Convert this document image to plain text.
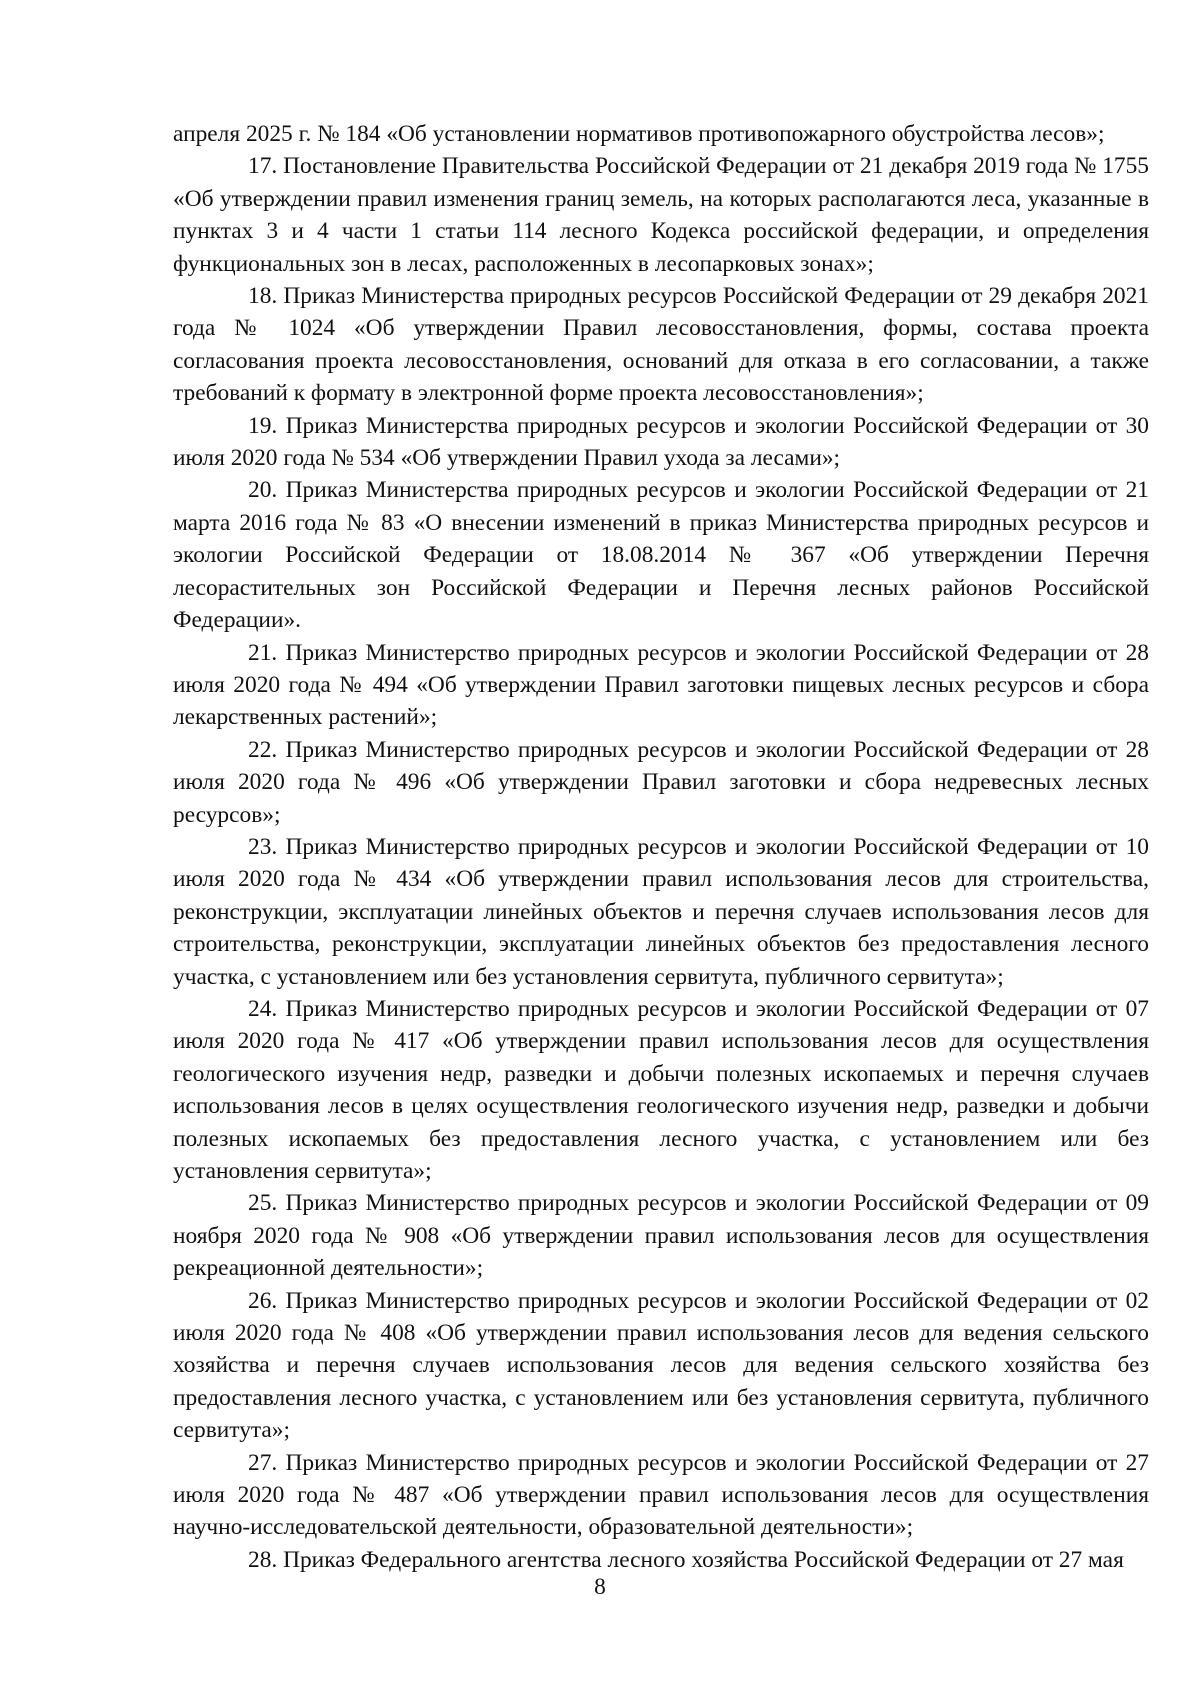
апреля 2025 г. № 184 «Об установлении нормативов противопожарного обустройства лесов»;

17. Постановление Правительства Российской Федерации от 21 декабря 2019 года № 1755 «Об утверждении правил изменения границ земель, на которых располагаются леса, указанные в пунктах 3 и 4 части 1 статьи 114 лесного Кодекса российской федерации, и определения функциональных зон в лесах, расположенных в лесопарковых зонах»;

18. Приказ Министерства природных ресурсов Российской Федерации от 29 декабря 2021 года № 1024 «Об утверждении Правил лесовосстановления, формы, состава проекта согласования проекта лесовосстановления, оснований для отказа в его согласовании, а также требований к формату в электронной форме проекта лесовосстановления»;

19. Приказ Министерства природных ресурсов и экологии Российской Федерации от 30 июля 2020 года № 534 «Об утверждении Правил ухода за лесами»;

20. Приказ Министерства природных ресурсов и экологии Российской Федерации от 21 марта 2016 года № 83 «О внесении изменений в приказ Министерства природных ресурсов и экологии Российской Федерации от 18.08.2014 № 367 «Об утверждении Перечня лесорастительных зон Российской Федерации и Перечня лесных районов Российской Федерации».

21. Приказ Министерство природных ресурсов и экологии Российской Федерации от 28 июля 2020 года № 494 «Об утверждении Правил заготовки пищевых лесных ресурсов и сбора лекарственных растений»;

22. Приказ Министерство природных ресурсов и экологии Российской Федерации от 28 июля 2020 года № 496 «Об утверждении Правил заготовки и сбора недревесных лесных ресурсов»;

23. Приказ Министерство природных ресурсов и экологии Российской Федерации от 10 июля 2020 года № 434 «Об утверждении правил использования лесов для строительства, реконструкции, эксплуатации линейных объектов и перечня случаев использования лесов для строительства, реконструкции, эксплуатации линейных объектов без предоставления лесного участка, с установлением или без установления сервитута, публичного сервитута»;

24. Приказ Министерство природных ресурсов и экологии Российской Федерации от 07 июля 2020 года № 417 «Об утверждении правил использования лесов для осуществления геологического изучения недр, разведки и добычи полезных ископаемых и перечня случаев использования лесов в целях осуществления геологического изучения недр, разведки и добычи полезных ископаемых без предоставления лесного участка, с установлением или без установления сервитута»;

25. Приказ Министерство природных ресурсов и экологии Российской Федерации от 09 ноября 2020 года № 908 «Об утверждении правил использования лесов для осуществления рекреационной деятельности»;

26. Приказ Министерство природных ресурсов и экологии Российской Федерации от 02 июля 2020 года № 408 «Об утверждении правил использования лесов для ведения сельского хозяйства и перечня случаев использования лесов для ведения сельского хозяйства без предоставления лесного участка, с установлением или без установления сервитута, публичного сервитута»;

27. Приказ Министерство природных ресурсов и экологии Российской Федерации от 27 июля 2020 года № 487 «Об утверждении правил использования лесов для осуществления научно-исследовательской деятельности, образовательной деятельности»;

28. Приказ Федерального агентства лесного хозяйства Российской Федерации от 27 мая

8
